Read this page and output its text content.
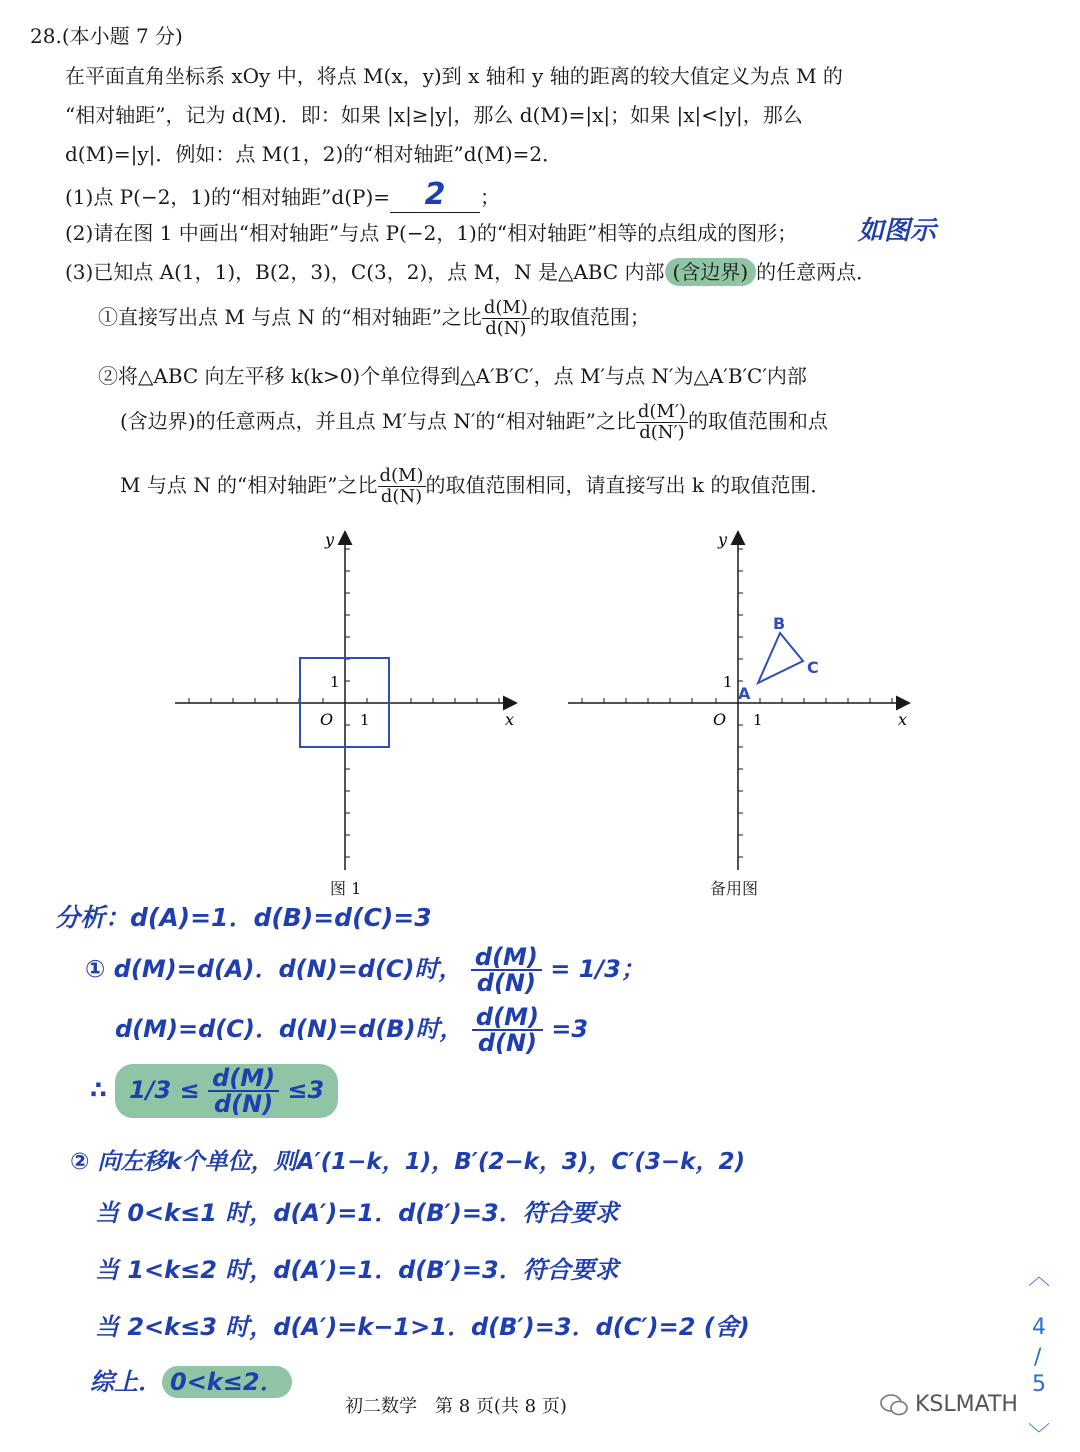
28.(本小题 7 分)
在平面直角坐标系 xOy 中，将点 M(x，y)到 x 轴和 y 轴的距离的较大值定义为点 M 的
“相对轴距”，记为 d(M)．即：如果 |x|≥|y|，那么 d(M)=|x|；如果 |x|<|y|，那么
d(M)=|y|．例如：点 M(1，2)的“相对轴距”d(M)=2．
(1)点 P(−2，1)的“相对轴距”d(P)= 2 ；
(2)请在图 1 中画出“相对轴距”与点 P(−2，1)的“相对轴距”相等的点组成的图形； 如图示
(3)已知点 A(1，1)，B(2，3)，C(3，2)，点 M，N 是△ABC 内部 (含边界) 的任意两点．
①直接写出点 M 与点 N 的“相对轴距”之比 $\frac{d(M)}{d(N)}$ 的取值范围；
②将△ABC 向左平移 k(k>0)个单位得到△A′B′C′，点 M′与点 N′为△A′B′C′内部
(含边界)的任意两点，并且点 M′与点 N′的“相对轴距”之比 $\frac{d(M')}{d(N')}$ 的取值范围和点
M 与点 N 的“相对轴距”之比 $\frac{d(M)}{d(N)}$ 的取值范围相同，请直接写出 k 的取值范围．
y
x
O 1
1
图 1
A
B
C
y
x
O 1
1
备用图
分析：d(A)=1．d(B)=d(C)=3
① d(M)=d(A)．d(N)=d(C)时， $\frac{d(M)}{d(N)} = 1/3$；
d(M)=d(C)．d(N)=d(B)时， $\frac{d(M)}{d(N)} =3$
∴ $1/3 \le \frac{d(M)}{d(N)} \le 3$
② 向左移k个单位，则A′(1−k，1)，B′(2−k，3)，C′(3−k，2)
当 0<k≤1 时，d(A′)=1．d(B′)=3．符合要求
当 1<k≤2 时，d(A′)=1．d(B′)=3．符合要求
当 2<k≤3 时，d(A′)=k−1>1．d(B′)=3．d(C′)=2 (舍)
综上． 0<k≤2．
初二数学　第 8 页(共 8 页)
︿
4
/
5
﹀
KSLMATH
